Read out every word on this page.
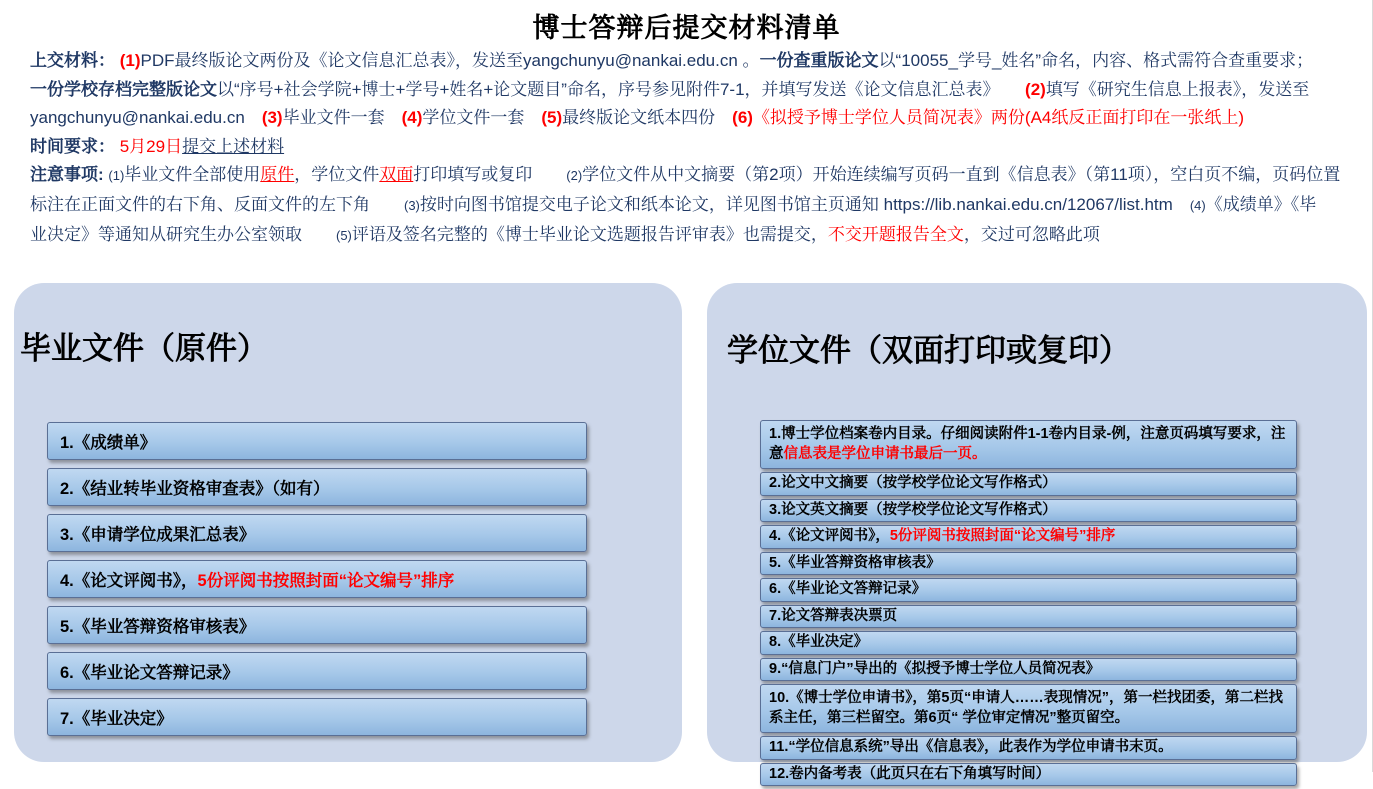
博士答辩后提交材料清单
上交材料： (1)PDF最终版论文两份及《论文信息汇总表》，发送至yangchunyu@nankai.edu.cn 。一份查重版论文以“10055_学号_姓名”命名，内容、格式需符合查重要求；
一份学校存档完整版论文以“序号+社会学院+博士+学号+姓名+论文题目”命名，序号参见附件7-1，并填写发送《论文信息汇总表》　　(2)填写《研究生信息上报表》，发送至
yangchunyu@nankai.edu.cn　 (3)毕业文件一套　(4)学位文件一套　(5)最终版论文纸本四份　(6)《拟授予博士学位人员简况表》两份(A4纸反正面打印在一张纸上)
时间要求： 5月29日提交上述材料
注意事项: (1)毕业文件全部使用原件，学位文件双面打印填写或复印　　(2)学位文件从中文摘要（第2项）开始连续编写页码一直到《信息表》（第11项），空白页不编，页码位置
标注在正面文件的右下角、反面文件的左下角　　(3)按时向图书馆提交电子论文和纸本论文，详见图书馆主页通知 https://lib.nankai.edu.cn/12067/list.htm　 (4)《成绩单》《毕
业决定》等通知从研究生办公室领取　　(5)评语及签名完整的《博士毕业论文选题报告评审表》也需提交，不交开题报告全文，交过可忽略此项
毕业文件（原件）
1.《成绩单》
2.《结业转毕业资格审查表》（如有）
3.《申请学位成果汇总表》
4.《论文评阅书》， 5份评阅书按照封面“论文编号”排序
5.《毕业答辩资格审核表》
6.《毕业论文答辩记录》
7.《毕业决定》
学位文件（双面打印或复印）
1.博士学位档案卷内目录。仔细阅读附件1-1卷内目录-例，注意页码填写要求，注意信息表是学位申请书最后一页。
2.论文中文摘要（按学校学位论文写作格式）
3.论文英文摘要（按学校学位论文写作格式）
4.《论文评阅书》，5份评阅书按照封面“论文编号”排序
5.《毕业答辩资格审核表》
6.《毕业论文答辩记录》
7.论文答辩表决票页
8.《毕业决定》
9.“信息门户”导出的《拟授予博士学位人员简况表》
10.《博士学位申请书》，第5页“申请人……表现情况”，第一栏找团委，第二栏找系主任，第三栏留空。第6页“ 学位审定情况”整页留空。
11.“学位信息系统”导出《信息表》，此表作为学位申请书末页。
12.卷内备考表（此页只在右下角填写时间）
